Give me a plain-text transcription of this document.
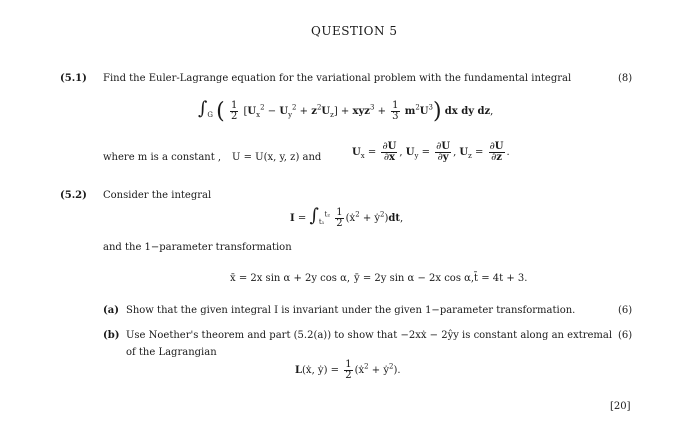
QUESTION 5
(5.1) Find the Euler-Lagrange equation for the variational problem with the fundamental integral	(8)
$\int_G$ ( $\frac{1}{2} [U_x^2 - U_y^2 + z^2U_z] + xyz^3 + \frac{1}{3} m^2U^3$) dx dy dz,
where m is a constant , U = U(x, y, z) and	$U_x = \frac{\partial U}{\partial x}$ , $U_y = \frac{\partial U}{\partial y}$ , $U_z = \frac{\partial U}{\partial z}$ .
(5.2) Consider the integral
$I = \int_{t_1}^{t_2} \frac{1}{2}$ (ẋ$^2$ + ẏ$^2$)dt,
and the 1−parameter transformation
x̄ = 2x sin α + 2y cos α, ȳ = 2y sin α − 2x cos α, t̄ = 4t + 3.
(a) Show that the given integral I is invariant under the given 1−parameter transformation.	(6)
(b) Use Noether's theorem and part (5.2(a)) to show that −2xẋ − 2ŷy is constant along an extremal (6)
of the Lagrangian
L(ẋ, ẏ) = $\frac{1}{2}$ (ẋ$^2$ + ẏ$^2$).
[20]
